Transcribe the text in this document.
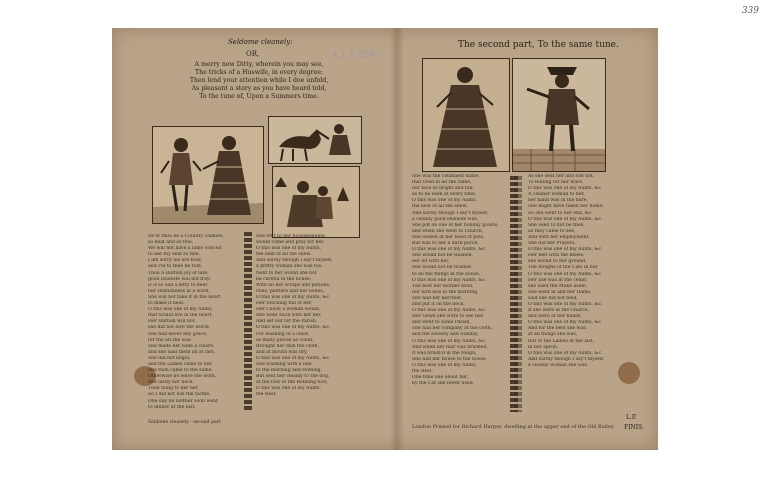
339
4.1.5 294
Seldome cleanely:
OR,
A merry new Ditty, wherein you may see,
The tricks of a Huswife, in every degree:
Then lend your attention while I doe unfold,
As pleasant a story as you have heard told,
To the tune of, Upon a Summers time.
Do'st thou be a Country Damsel,
so neat and so fine,
We will not have a lame conceit
to see thy skin so fine.
I am sorry we are bold,
and I'le to thee be told,
Thou a sluttish joy of late,
good Huswife will not fray:
It is so sad a ditty to hear
her sluttishness in a word,
She will not take it in the heart
to make it neat.
O this was one of my Aunts,
that would live in the heart,
Her sluttish will not,
she did not love the world,
She had never any grace,
for the all she saw.
She made her wide a cleare,
and she said them all at last,
She did not begin,
and the Ladies came to her,
She then came to the same,
Otherwise no leave the work,
and lastly her neck.
Then hung to her her,
So I did not use the tackle,
One day he neither soon went
to dinner at the last.
She fet't to her housekeeping,
would come and pray for her,
O this was one of my Aunts,
the best of all the shew.
And surely though I say't myself,
a pretty woman she was too,
Next to her would she not
be careful in the house:
With all her scraps and potions,
Pans, platters and her bones,
O this was one of my Aunts, &c.
Her Stocking full of her,
Her Cawle a woman would,
She went each with her her,
And set out for the Parish,
O this was one of my Aunts, &c.
For washing of a child,
as many pieces as could,
Brought her dish the cloth,
and at mouth was dry,
O this was one of my Aunts, &c.
She washing with a line
to the morning and evening,
But sent her cleanly to the dog,
at the foot of the Robbing foot,
O this was one of my Aunts,
the Rest.
The second part, To the same tune.
She was the cleanliest dame,
that lived in all the clime,
her face so bright and fair,
as to be seen at every time,
O this was one of my Aunts,
the best of all the shew,
And surely though I say't myself,
a cleanly good Huswife was.
She put on one of her holiday gowns,
and when she went to Church,
She looked at her head of pins,
But was to her a dark porch,
O this was one of my Aunts, &c.
She would not be washed,
her lot with her,
She would not be trusted
to do the things in the house,
O this was one of my Aunts, &c.
The best her mother bred,
her lord was in the morning,
She had her kerchief,
and put it on the neck,
O this was one of my Aunts, &c.
Her Gown she wore to see her,
and went to some Parish,
She had her company at the cloth,
and the sweetly and Sunday,
O this was one of my Aunts, &c.
And when her hair was brushed,
it was brush'd in the rough,
She had her house to the house,
O this was one of my Aunts,
the Rest.
One time one about her,
by the Cat she never used,
As she sent her and lost not,
To Rolling for her ware,
O this was one of my Aunts, &c.
A cleaner woman to her,
her hand was in the mire,
She might have taken her home,
So she went to her end, &c.
O this was one of my Aunts, &c.
She used to not be then,
as they came to see,
And with her employment,
She did her Prayers,
O this was one of my Aunts, &c.
Her feet with the knees,
she would to her ground,
The Boughs of the Cats in her,
O this was one of my Aunts, &c.
Her use was in the cellar,
she used the Milke aside,
She went in and her Dame,
said she did not feed,
O this was one of my Aunts, &c.
If she were at the Church,
and were at her hands,
O this was one of my Aunts, &c.
And for the best she was,
at all things she was,
But of the Ladies at the last,
in her apron,
O this was one of my Aunts, &c.
And surely though I say't myself,
a cleanly woman she was.
Seldome cleanely - second part
L.P.
London Printed for Richard Harper, dwelling at the upper end of the Old Bailey. FINIS.
